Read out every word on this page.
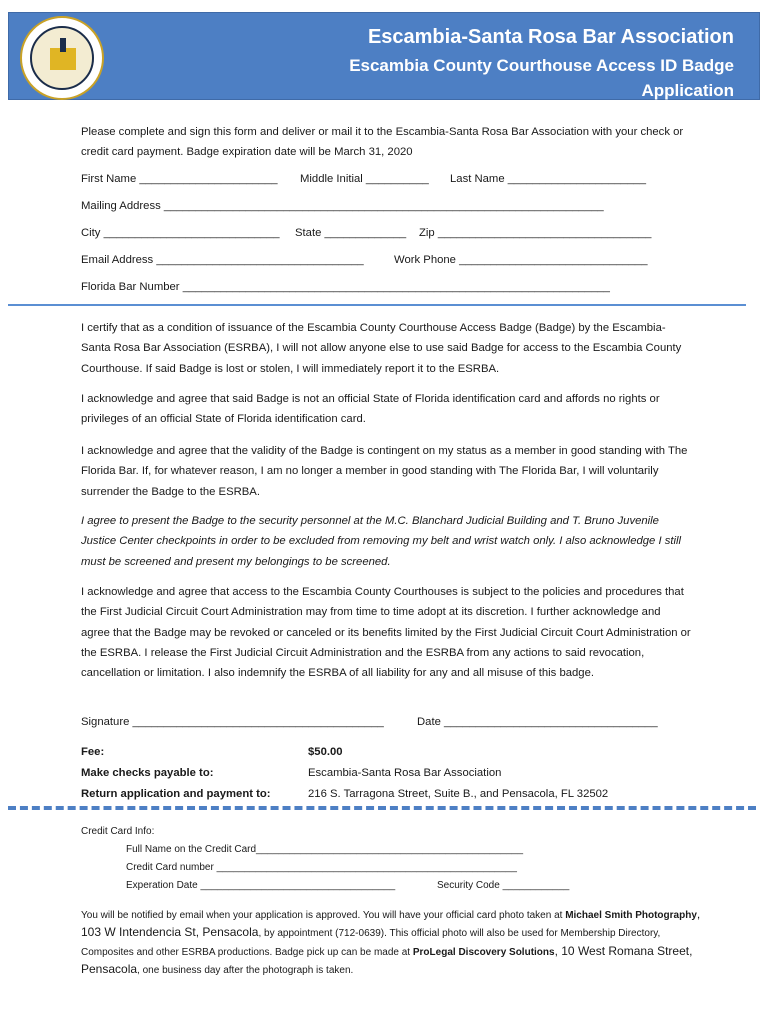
Escambia-Santa Rosa Bar Association
Escambia County Courthouse Access ID Badge
Application
Please complete and sign this form and deliver or mail it to the Escambia-Santa Rosa Bar Association with your check or credit card payment. Badge expiration date will be March 31, 2020
First Name ______________________ Middle Initial __________ Last Name ______________________
Mailing Address ______________________________________________________________________
City ____________________________ State _____________ Zip __________________________________
Email Address _________________________________	Work Phone ______________________________
Florida Bar Number ____________________________________________________________________
I certify that as a condition of issuance of the Escambia County Courthouse Access Badge (Badge) by the Escambia-Santa Rosa Bar Association (ESRBA), I will not allow anyone else to use said Badge for access to the Escambia County Courthouse. If said Badge is lost or stolen, I will immediately report it to the ESRBA.
I acknowledge and agree that said Badge is not an official State of Florida identification card and affords no rights or privileges of an official State of Florida identification card.
I acknowledge and agree that the validity of the Badge is contingent on my status as a member in good standing with The Florida Bar. If, for whatever reason, I am no longer a member in good standing with The Florida Bar, I will voluntarily surrender the Badge to the ESRBA.
I agree to present the Badge to the security personnel at the M.C. Blanchard Judicial Building and T. Bruno Juvenile Justice Center checkpoints in order to be excluded from removing my belt and wrist watch only. I also acknowledge I still must be screened and present my belongings to be screened.
I acknowledge and agree that access to the Escambia County Courthouses is subject to the policies and procedures that the First Judicial Circuit Court Administration may from time to time adopt at its discretion. I further acknowledge and agree that the Badge may be revoked or canceled or its benefits limited by the First Judicial Circuit Court Administration or the ESRBA. I release the First Judicial Circuit Administration and the ESRBA from any actions to said revocation, cancellation or limitation. I also indemnify the ESRBA of all liability for any and all misuse of this badge.
Signature ________________________________________	Date __________________________________
Fee:	$50.00
Make checks payable to:	Escambia-Santa Rosa Bar Association
Return application and payment to:	216 S. Tarragona Street, Suite B., and Pensacola, FL 32502
Credit Card Info:
Full Name on the Credit Card________________________________________________
Credit Card number ______________________________________________________
Experation Date ___________________________________	Security Code ____________
You will be notified by email when your application is approved. You will have your official card photo taken at Michael Smith Photography, 103 W Intendencia St, Pensacola, by appointment (712-0639). This official photo will also be used for Membership Directory, Composites and other ESRBA productions. Badge pick up can be made at ProLegal Discovery Solutions, 10 West Romana Street, Pensacola, one business day after the photograph is taken.
